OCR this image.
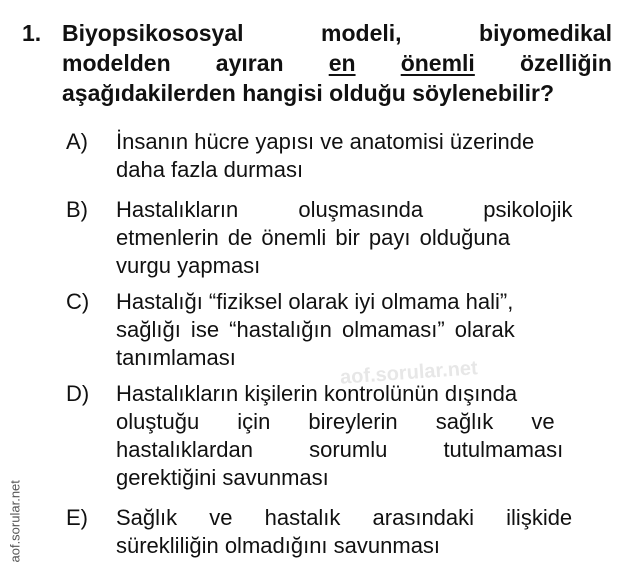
1. Biyopsikososyal	modeli,	biyomedikal
modelden ayıran en önemli özelliğin
aşağıdakilerden hangisi olduğu söylenebilir?
A) İnsanın hücre yapısı ve anatomisi üzerinde
daha fazla durması
B) Hastalıkların oluşmasında psikolojik
etmenlerin de önemli bir payı olduğuna
vurgu yapması
C) Hastalığı “fiziksel olarak iyi olmama hali”,
sağlığı ise “hastalığın olmaması” olarak
tanımlaması
D) Hastalıkların kişilerin kontrolünün dışında
oluştuğu için bireylerin sağlık ve
hastalıklardan sorumlu tutulmaması
gerektiğini savunması
E) Sağlık ve hastalık arasındaki ilişkide
sürekliliğin olmadığını savunması
aof.sorular.net
aof.sorular.net
